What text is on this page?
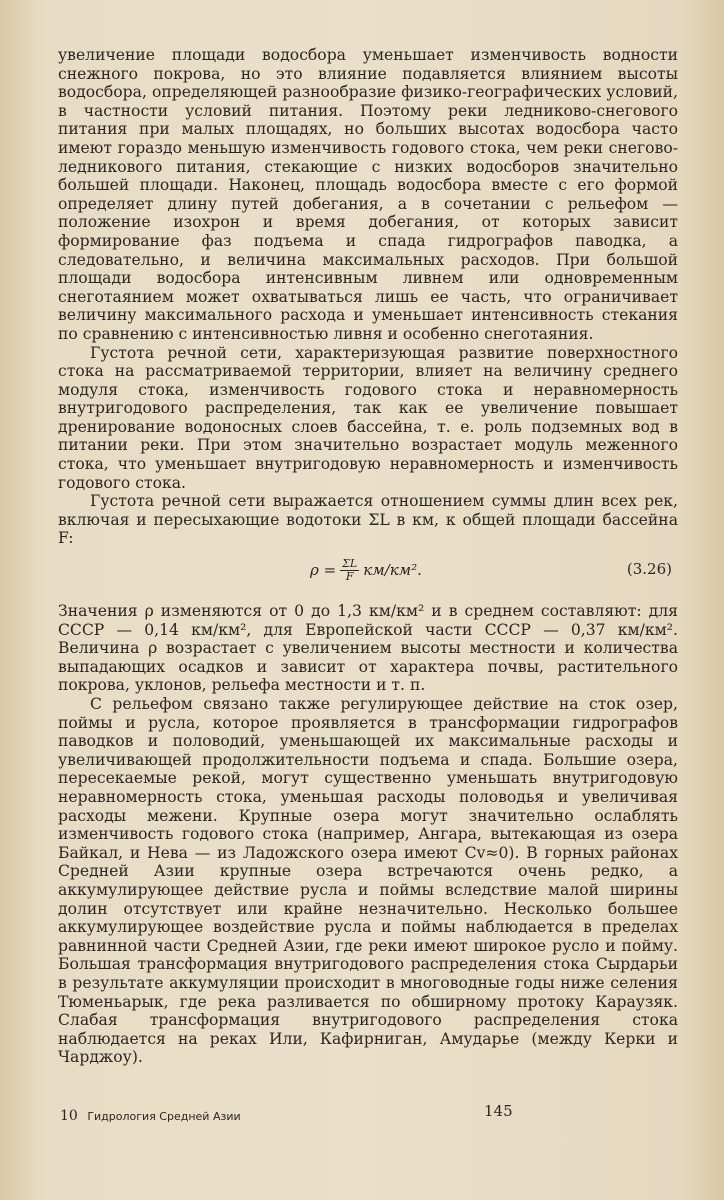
увеличение площади водосбора уменьшает изменчивость водности снежного покрова, но это влияние подавляется влиянием высоты водосбора, определяющей разнообразие физико-географических условий, в частности условий питания. Поэтому реки ледниково-снегового питания при малых площадях, но больших высотах водосбора часто имеют гораздо меньшую изменчивость годового стока, чем реки снегово-ледникового питания, стекающие с низких водосборов значительно большей площади. Наконец, площадь водосбора вместе с его формой определяет длину путей добегания, а в сочетании с рельефом — положение изохрон и время добегания, от которых зависит формирование фаз подъема и спада гидрографов паводка, а следовательно, и величина максимальных расходов. При большой площади водосбора интенсивным ливнем или одновременным снеготаянием может охватываться лишь ее часть, что ограничивает величину максимального расхода и уменьшает интенсивность стекания по сравнению с интенсивностью ливня и особенно снеготаяния.

Густота речной сети, характеризующая развитие поверхностного стока на рассматриваемой территории, влияет на величину среднего модуля стока, изменчивость годового стока и неравномерность внутригодового распределения, так как ее увеличение повышает дренирование водоносных слоев бассейна, т. е. роль подземных вод в питании реки. При этом значительно возрастает модуль меженного стока, что уменьшает внутригодовую неравномерность и изменчивость годового стока.

Густота речной сети выражается отношением суммы длин всех рек, включая и пересыхающие водотоки ΣL в км, к общей площади бассейна F:

$\rho = \frac{\Sigma L}{F} км/км^2$.	(3.26)

Значения ρ изменяются от 0 до 1,3 км/км² и в среднем составляют: для СССР — 0,14 км/км², для Европейской части СССР — 0,37 км/км². Величина ρ возрастает с увеличением высоты местности и количества выпадающих осадков и зависит от характера почвы, растительного покрова, уклонов, рельефа местности и т. п.

С рельефом связано также регулирующее действие на сток озер, поймы и русла, которое проявляется в трансформации гидрографов паводков и половодий, уменьшающей их максимальные расходы и увеличивающей продолжительности подъема и спада. Большие озера, пересекаемые рекой, могут существенно уменьшать внутригодовую неравномерность стока, уменьшая расходы половодья и увеличивая расходы межени. Крупные озера могут значительно ослаблять изменчивость годового стока (например, Ангара, вытекающая из озера Байкал, и Нева — из Ладожского озера имеют Cv≈0). В горных районах Средней Азии крупные озера встречаются очень редко, а аккумулирующее действие русла и поймы вследствие малой ширины долин отсутствует или крайне незначительно. Несколько большее аккумулирующее воздействие русла и поймы наблюдается в пределах равнинной части Средней Азии, где реки имеют широкое русло и пойму. Большая трансформация внутригодового распределения стока Сырдарьи в результате аккумуляции происходит в многоводные годы ниже селения Тюменьарык, где река разливается по обширному протоку Караузяк. Слабая трансформация внутригодового распределения стока наблюдается на реках Или, Кафирниган, Амударье (между Керки и Чарджоу).

10 Гидрология Средней Азии	145
